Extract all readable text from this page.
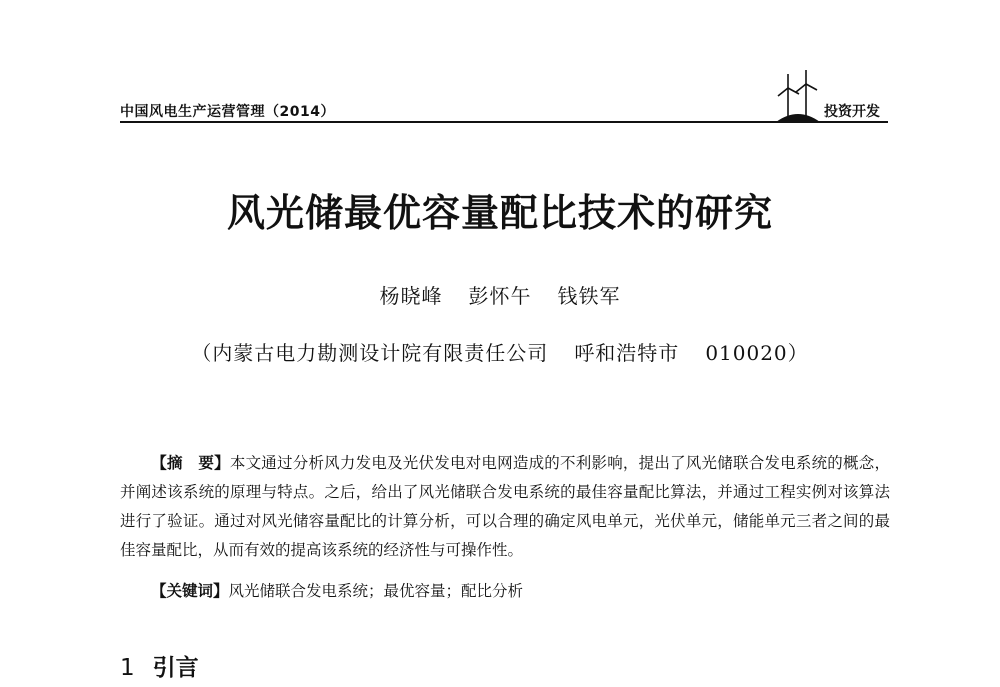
中国风电生产运营管理（2014）	投资开发
风光储最优容量配比技术的研究
杨晓峰 彭怀午 钱铁军
（内蒙古电力勘测设计院有限责任公司 呼和浩特市 010020）
【摘　要】本文通过分析风力发电及光伏发电对电网造成的不利影响，提出了风光储联合发电系统的概念，并阐述该系统的原理与特点。之后，给出了风光储联合发电系统的最佳容量配比算法，并通过工程实例对该算法进行了验证。通过对风光储容量配比的计算分析，可以合理的确定风电单元，光伏单元，储能单元三者之间的最佳容量配比，从而有效的提高该系统的经济性与可操作性。
【关键词】风光储联合发电系统；最优容量；配比分析
1 引言
